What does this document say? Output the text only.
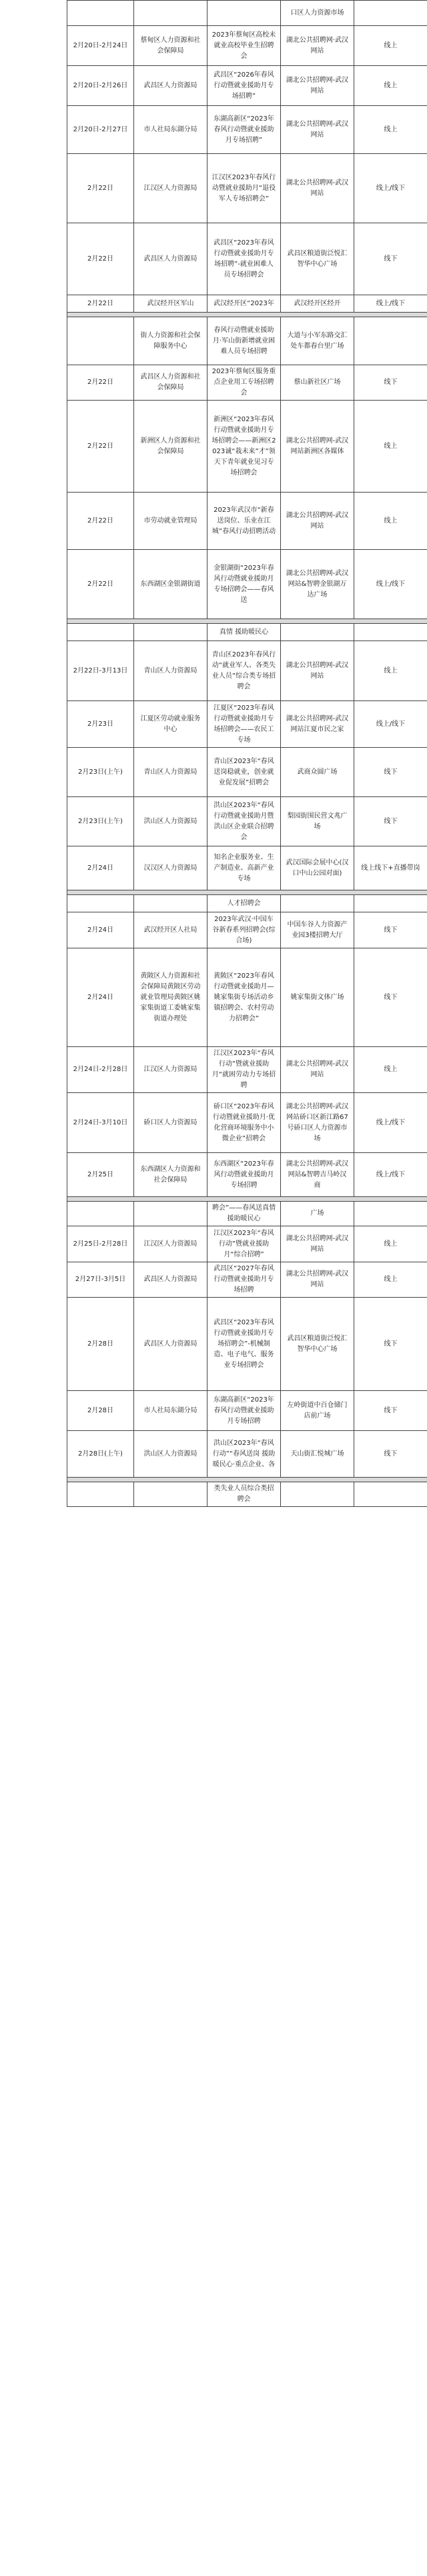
			口区人力资源市场	
2月20日-2月24日	蔡甸区人力资源和社会保障局	2023年蔡甸区高校未就业高校毕业生招聘会	湖北公共招聘网·武汉网站	线上
2月20日-2月26日	武昌区人力资源局	武昌区“2026年春风行动暨就业援助月专场招聘”	湖北公共招聘网-武汉网站	线上
2月20日-2月27日	市人社局东湖分局	东湖高新区“2023年春风行动暨就业援助月专场招聘”	湖北公共招聘网-武汉网站	线上
2月22日	江汉区人力资源局	江汉区2023年春风行动暨就业援助月“退役军人专场招聘会”	湖北公共招聘网-武汉网站	线上/线下
2月22日	武昌区人力资源局	武昌区“2023年春风行动暨就业援助月专场招聘”-就业困难人员专场招聘会	武昌区粮道街泛悦汇智华中心广场	线下
2月22日	武汉经开区军山	武汉经开区“2023年	武汉经开区经开	线上/线下

	街人力资源和社会保障服务中心	春风行动暨就业援助月·军山街新增就业困难人员专场招聘	大道与小军东路交汇处车都春台里广场	
2月22日	武昌区人力资源和社会保障局	2023年蔡甸区服务重点企业用工专场招聘会	蔡山新社区广场	线下
2月22日	新洲区人力资源和社会保障局	新洲区“2023年春风行动暨就业援助月专场招聘会——新洲区2023诚“栽未来”才”领天下青年就业见习专场招聘会	湖北公共招聘网-武汉网站新洲区各媒体	线上
2月22日	市劳动就业管理局	2023年武汉市“新春送岗位、乐业在江城”春风行动招聘活动	湖北公共招聘网-武汉网站	线上
2月22日	东西湖区金银湖街道	金银湖街“2023年春风行动暨就业援助月专场招聘会——春风送	湖北公共招聘网-武汉网站&智聘金银湖万达广场	线上/线下

		真情 援助暖民心		
2月22日-3月13日	青山区人力资源局	青山区2023年春风行动“就业军人、各类失业人员”综合类专场招聘会	湖北公共招聘网-武汉网站	线上
2月23日	江夏区劳动就业服务中心	江夏区“2023年春风行动暨就业援助月专场招聘会——农民工专场	湖北公共招聘网-武汉网站江夏市民之家	线上/线下
2月23日(上午)	青山区人力资源局	青山区2023年“春风送岗稳就业，创业就业促发展”招聘会	武商众圆广场	线下
2月23日(上午)	洪山区人力资源局	洪山区2023年“春风行动暨就业援助月暨洪山区企业联合招聘会	梨园街围民营文兆广场	线下
2月24日	汉汉区人力资源局	知名企业服务业、生产制造业、高新产业专场	武汉国际会展中心(汉口中山公园对面)	线上线下+直播带岗

		人才招聘会		
2月24日	武汉经开区人社局	2023年武汉·中国车谷新春系列招聘会(综合场)	中国车谷人力资源产业园3楼招聘大厅	线下
2月24日	黄陂区人力资源和社会保障局黄陂区劳动就业管理局黄陂区姚家集街道工委姚家集街道办理处	黄陂区“2023年春风行动暨就业援助月—姚家集街专场活动乡镇招聘会、农村劳动力招聘会”	姚家集街文体广场	线下
2月24日-2月28日	江汉区人力资源局	江汉区2023年“春风行动”暨就业援助月“就困劳动力专场招聘	湖北公共招聘网-武汉网站	线上
2月24日-3月10日	硚口区人力资源局	硚口区“2023年春风行动暨就业援助月·优化营商环境服务中小微企业”招聘会	湖北公共招聘网-武汉网站硚口区新江路67号硚口区人力资源市场	线上/线下
2月25日	东西湖区人力资源和社会保障局	东西湖区“2023年春风行动暨就业援助月专场招聘	湖北公共招聘网-武汉网站&智聘吉马岭汉商	线上/线下

		聘会”——春风送真情 援助暖民心	广场	
2月25日-2月28日	江汉区人力资源局	江汉区2023年“春风行动”暨就业援助月“综合招聘”	湖北公共招聘网-武汉网站	线上
2月27日-3月5日	武昌区人力资源局	武昌区“2027年春风行动暨就业援助月专场招聘	湖北公共招聘网-武汉网站	线上
2月28日	武昌区人力资源局	武昌区“2023年春风行动暨就业援助月专场招聘会”-机械制造、电子电气、服务业专场招聘会	武昌区粮道街泛悦汇智华中心广场	线下
2月28日	市人社局东湖分局	东湖高新区“2023年春风行动暨就业援助月专场招聘	左岭街道中百仓储门店前广场	线下
2月28日(上午)	洪山区人力资源局	洪山区2023年“春风行动”“春风送岗 援助暖民心·重点企业、各	天山街汇悦城广场	线下

		类失业人员综合类招聘会		
